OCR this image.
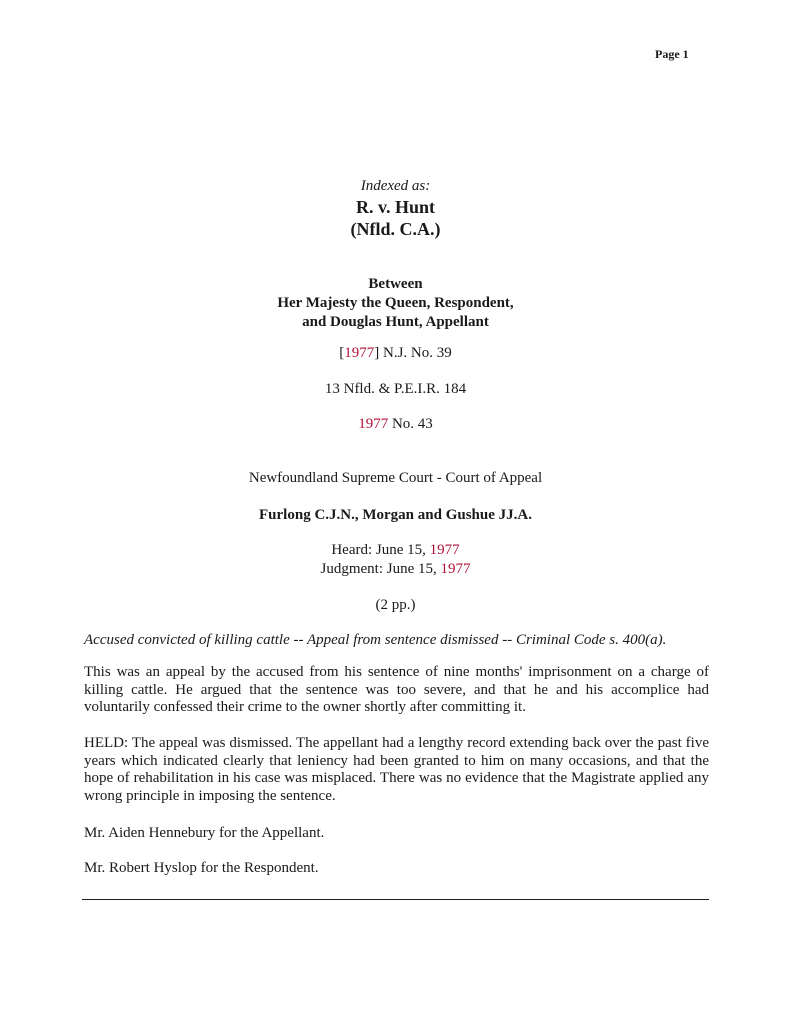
Page 1
Indexed as:
R. v. Hunt
(Nfld. C.A.)
Between
Her Majesty the Queen, Respondent,
and Douglas Hunt, Appellant
[1977] N.J. No. 39
13 Nfld. & P.E.I.R. 184
1977 No. 43
Newfoundland Supreme Court - Court of Appeal
Furlong C.J.N., Morgan and Gushue JJ.A.
Heard: June 15, 1977
Judgment: June 15, 1977
(2 pp.)
Accused convicted of killing cattle -- Appeal from sentence dismissed -- Criminal Code s. 400(a).
This was an appeal by the accused from his sentence of nine months' imprisonment on a charge of killing cattle. He argued that the sentence was too severe, and that he and his accomplice had voluntarily confessed their crime to the owner shortly after committing it.
HELD: The appeal was dismissed. The appellant had a lengthy record extending back over the past five years which indicated clearly that leniency had been granted to him on many occasions, and that the hope of rehabilitation in his case was misplaced. There was no evidence that the Magistrate applied any wrong principle in imposing the sentence.
Mr. Aiden Hennebury for the Appellant.
Mr. Robert Hyslop for the Respondent.
